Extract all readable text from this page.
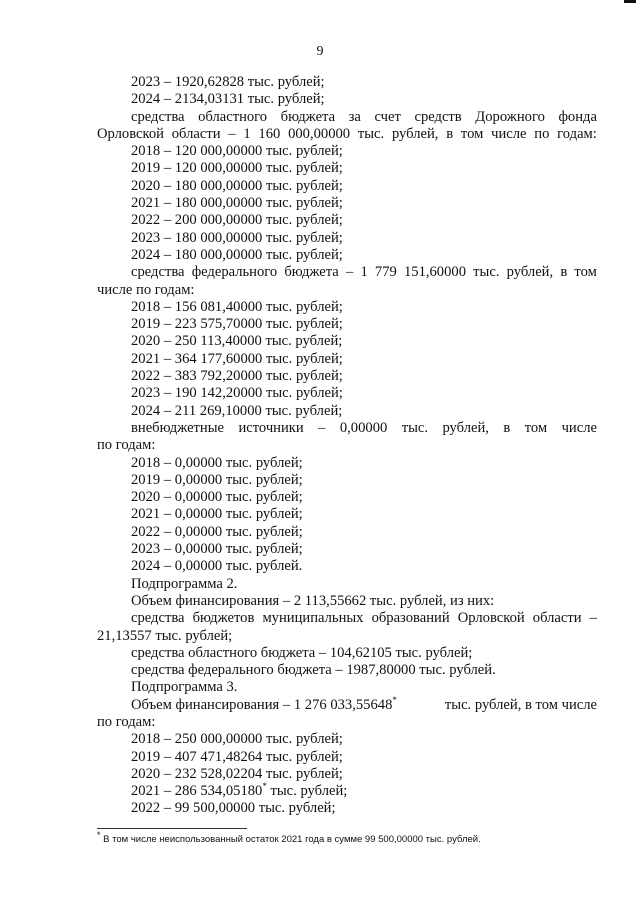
9
2023 – 1920,62828 тыс. рублей;
2024 – 2134,03131 тыс. рублей;
средства областного бюджета за счет средств Дорожного фонда
Орловской области – 1 160 000,00000 тыс. рублей, в том числе по годам:
2018 – 120 000,00000 тыс. рублей;
2019 – 120 000,00000 тыс. рублей;
2020 – 180 000,00000 тыс. рублей;
2021 – 180 000,00000 тыс. рублей;
2022 – 200 000,00000 тыс. рублей;
2023 – 180 000,00000 тыс. рублей;
2024 – 180 000,00000 тыс. рублей;
средства федерального бюджета – 1 779 151,60000 тыс. рублей, в том
числе по годам:
2018 – 156 081,40000 тыс. рублей;
2019 – 223 575,70000 тыс. рублей;
2020 – 250 113,40000 тыс. рублей;
2021 – 364 177,60000 тыс. рублей;
2022 – 383 792,20000 тыс. рублей;
2023 – 190 142,20000 тыс. рублей;
2024 – 211 269,10000 тыс. рублей;
внебюджетные источники – 0,00000 тыс. рублей, в том числе
по годам:
2018 – 0,00000 тыс. рублей;
2019 – 0,00000 тыс. рублей;
2020 – 0,00000 тыс. рублей;
2021 – 0,00000 тыс. рублей;
2022 – 0,00000 тыс. рублей;
2023 – 0,00000 тыс. рублей;
2024 – 0,00000 тыс. рублей.
Подпрограмма 2.
Объем финансирования – 2 113,55662 тыс. рублей, из них:
средства бюджетов муниципальных образований Орловской области –
21,13557 тыс. рублей;
средства областного бюджета – 104,62105 тыс. рублей;
средства федерального бюджета – 1987,80000 тыс. рублей.
Подпрограмма 3.
Объем финансирования – 1 276 033,55648*	тыс. рублей, в том числе
по годам:
2018 – 250 000,00000 тыс. рублей;
2019 – 407 471,48264 тыс. рублей;
2020 – 232 528,02204 тыс. рублей;
2021 – 286 534,05180* тыс. рублей;
2022 – 99 500,00000 тыс. рублей;
* В том числе неиспользованный остаток 2021 года в сумме 99 500,00000 тыс. рублей.
